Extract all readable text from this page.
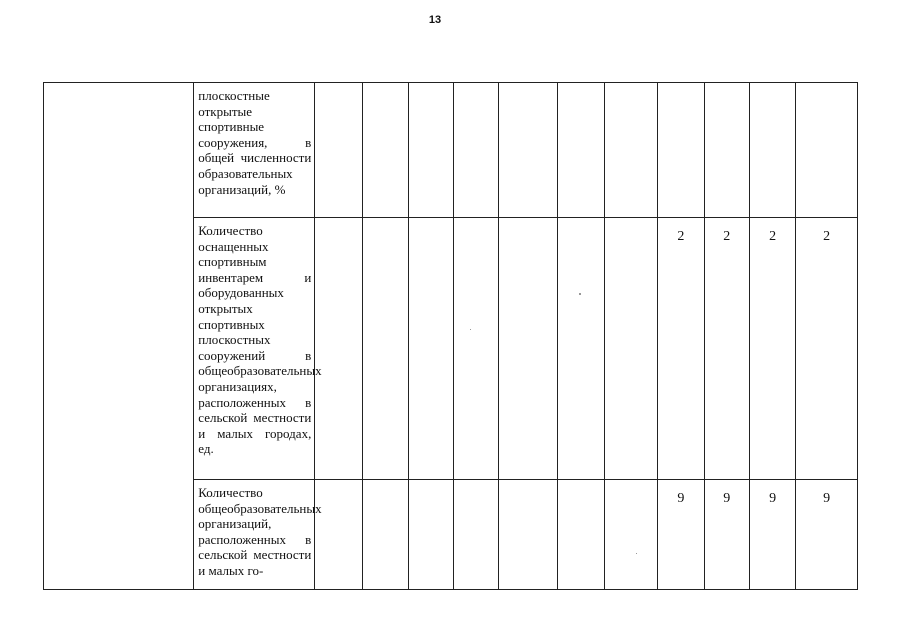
13
	плоскостные открытые спортивные сооружения, в общей численности образовательных организаций, %											
	Количество оснащенных спортивным инвентарем и оборудованных открытых спортивных плоскостных сооружений в общеобразовательных организациях, расположенных в сельской местности и малых городах, ед.								2	2	2	2
	Количество общеобразовательных организаций, расположенных в сельской местности и малых го-								9	9	9	9
